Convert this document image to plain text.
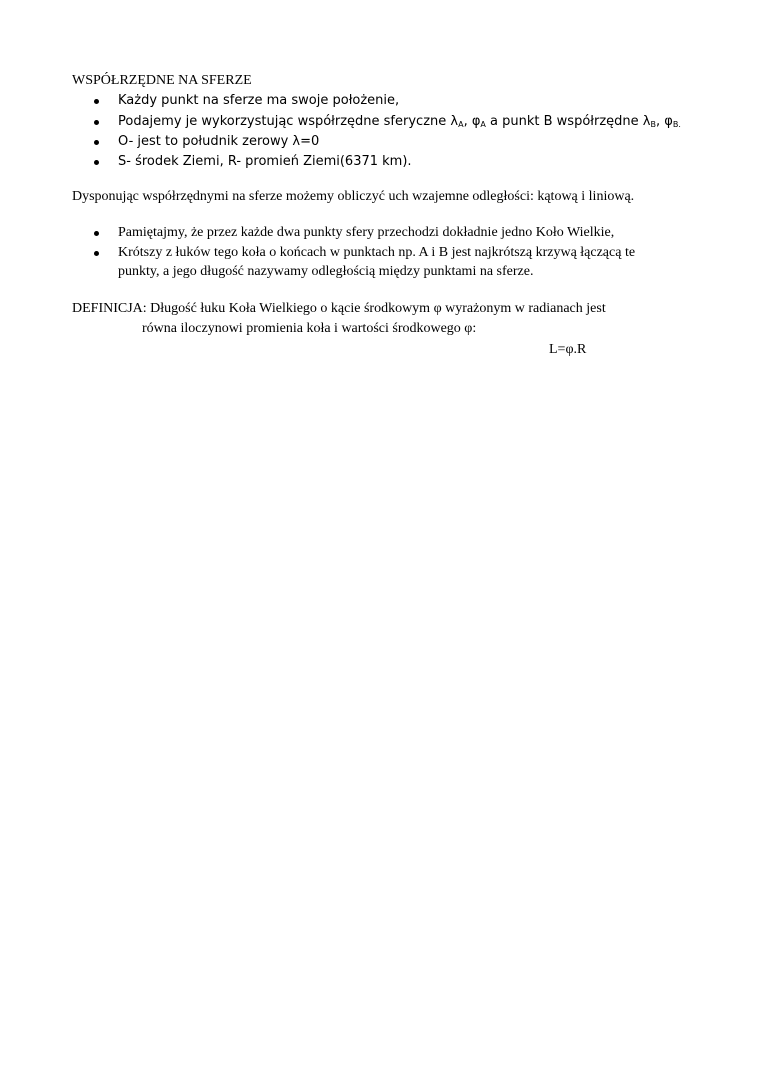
WSPÓŁRZĘDNE NA SFERZE
Każdy punkt na sferze ma swoje położenie,
Podajemy je wykorzystując współrzędne sferyczne $\lambda_A$, $\varphi_A$ a punkt B współrzędne $\lambda_B$, $\varphi_{B.}$
O- jest to południk zerowy λ=0
S- środek Ziemi, R- promień Ziemi(6371 km).
Dysponując współrzędnymi na sferze możemy obliczyć uch wzajemne odległości: kątową i liniową.
Pamiętajmy, że przez każde dwa punkty sfery przechodzi dokładnie jedno Koło Wielkie,
Krótszy z łuków tego koła o końcach w punktach np. A i B jest najkrótszą krzywą łączącą te
punkty, a jego długość nazywamy odległością między punktami na sferze.
DEFINICJA: Długość łuku Koła Wielkiego o kącie środkowym φ wyrażonym w radianach jest
równa iloczynowi promienia koła i wartości środkowego φ:
L=φ.R
